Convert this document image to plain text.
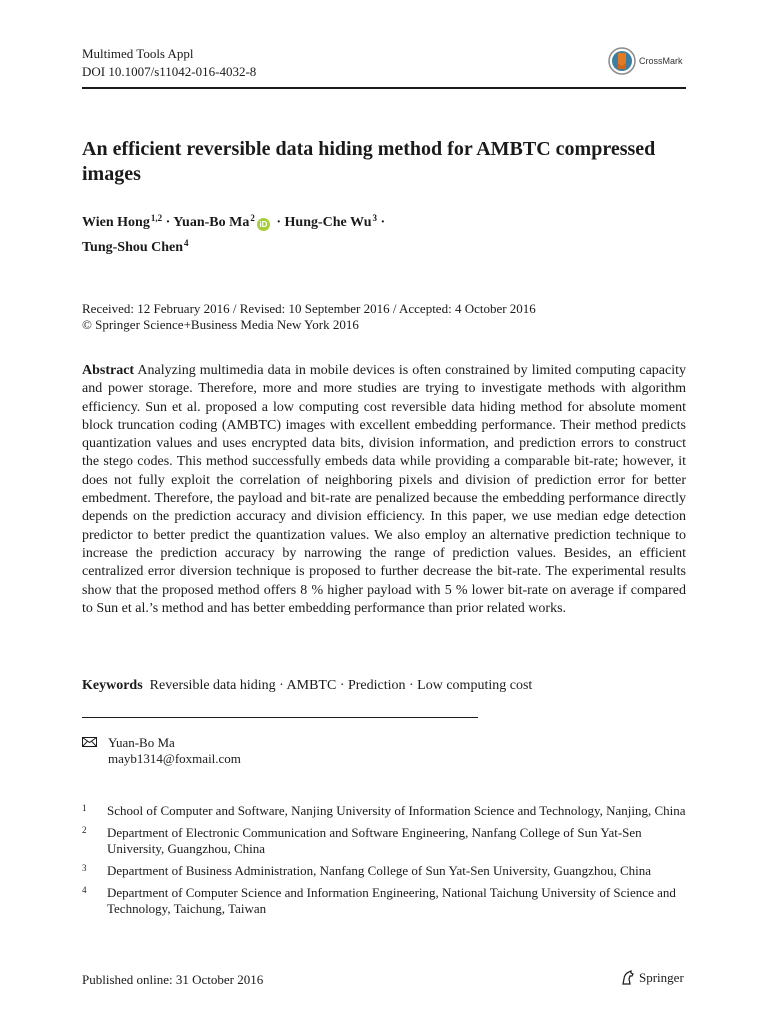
Multimed Tools Appl
DOI 10.1007/s11042-016-4032-8
CrossMark
An efficient reversible data hiding method for AMBTC compressed images
Wien Hong$^{1,2}$ · Yuan-Bo $Ma^2iD$ · Hung-Che $Wu^3$ ·
Tung-Shou Chen$^4$
Received: 12 February 2016 / Revised: 10 September 2016 / Accepted: 4 October 2016
© Springer Science+Business Media New York 2016
Abstract Analyzing multimedia data in mobile devices is often constrained by limited computing capacity and power storage. Therefore, more and more studies are trying to investigate methods with algorithm efficiency. Sun et al. proposed a low computing cost reversible data hiding method for absolute moment block truncation coding (AMBTC) images with excellent embedding performance. Their method predicts quantization values and uses encrypted data bits, division information, and prediction errors to construct the stego codes. This method successfully embeds data while providing a comparable bit-rate; however, it does not fully exploit the correlation of neighboring pixels and division of prediction error for better embedment. Therefore, the payload and bit-rate are penalized because the embedding performance directly depends on the prediction accuracy and division efficiency. In this paper, we use median edge detection predictor to better predict the quantization values. We also employ an alternative prediction technique to increase the prediction accuracy by narrowing the range of prediction values. Besides, an efficient centralized error diversion technique is proposed to further decrease the bit-rate. The experimental results show that the proposed method offers 8 % higher payload with 5 % lower bit-rate on average if compared to Sun et al.’s method and has better embedding performance than prior related works.
Keywords Reversible data hiding · AMBTC · Prediction · Low computing cost
Yuan-Bo Ma
mayb1314@foxmail.com
1	School of Computer and Software, Nanjing University of Information Science and Technology, Nanjing, China
2	Department of Electronic Communication and Software Engineering, Nanfang College of Sun Yat-Sen University, Guangzhou, China
3	Department of Business Administration, Nanfang College of Sun Yat-Sen University, Guangzhou, China
4	Department of Computer Science and Information Engineering, National Taichung University of Science and Technology, Taichung, Taiwan
Published online: 31 October 2016	Springer
